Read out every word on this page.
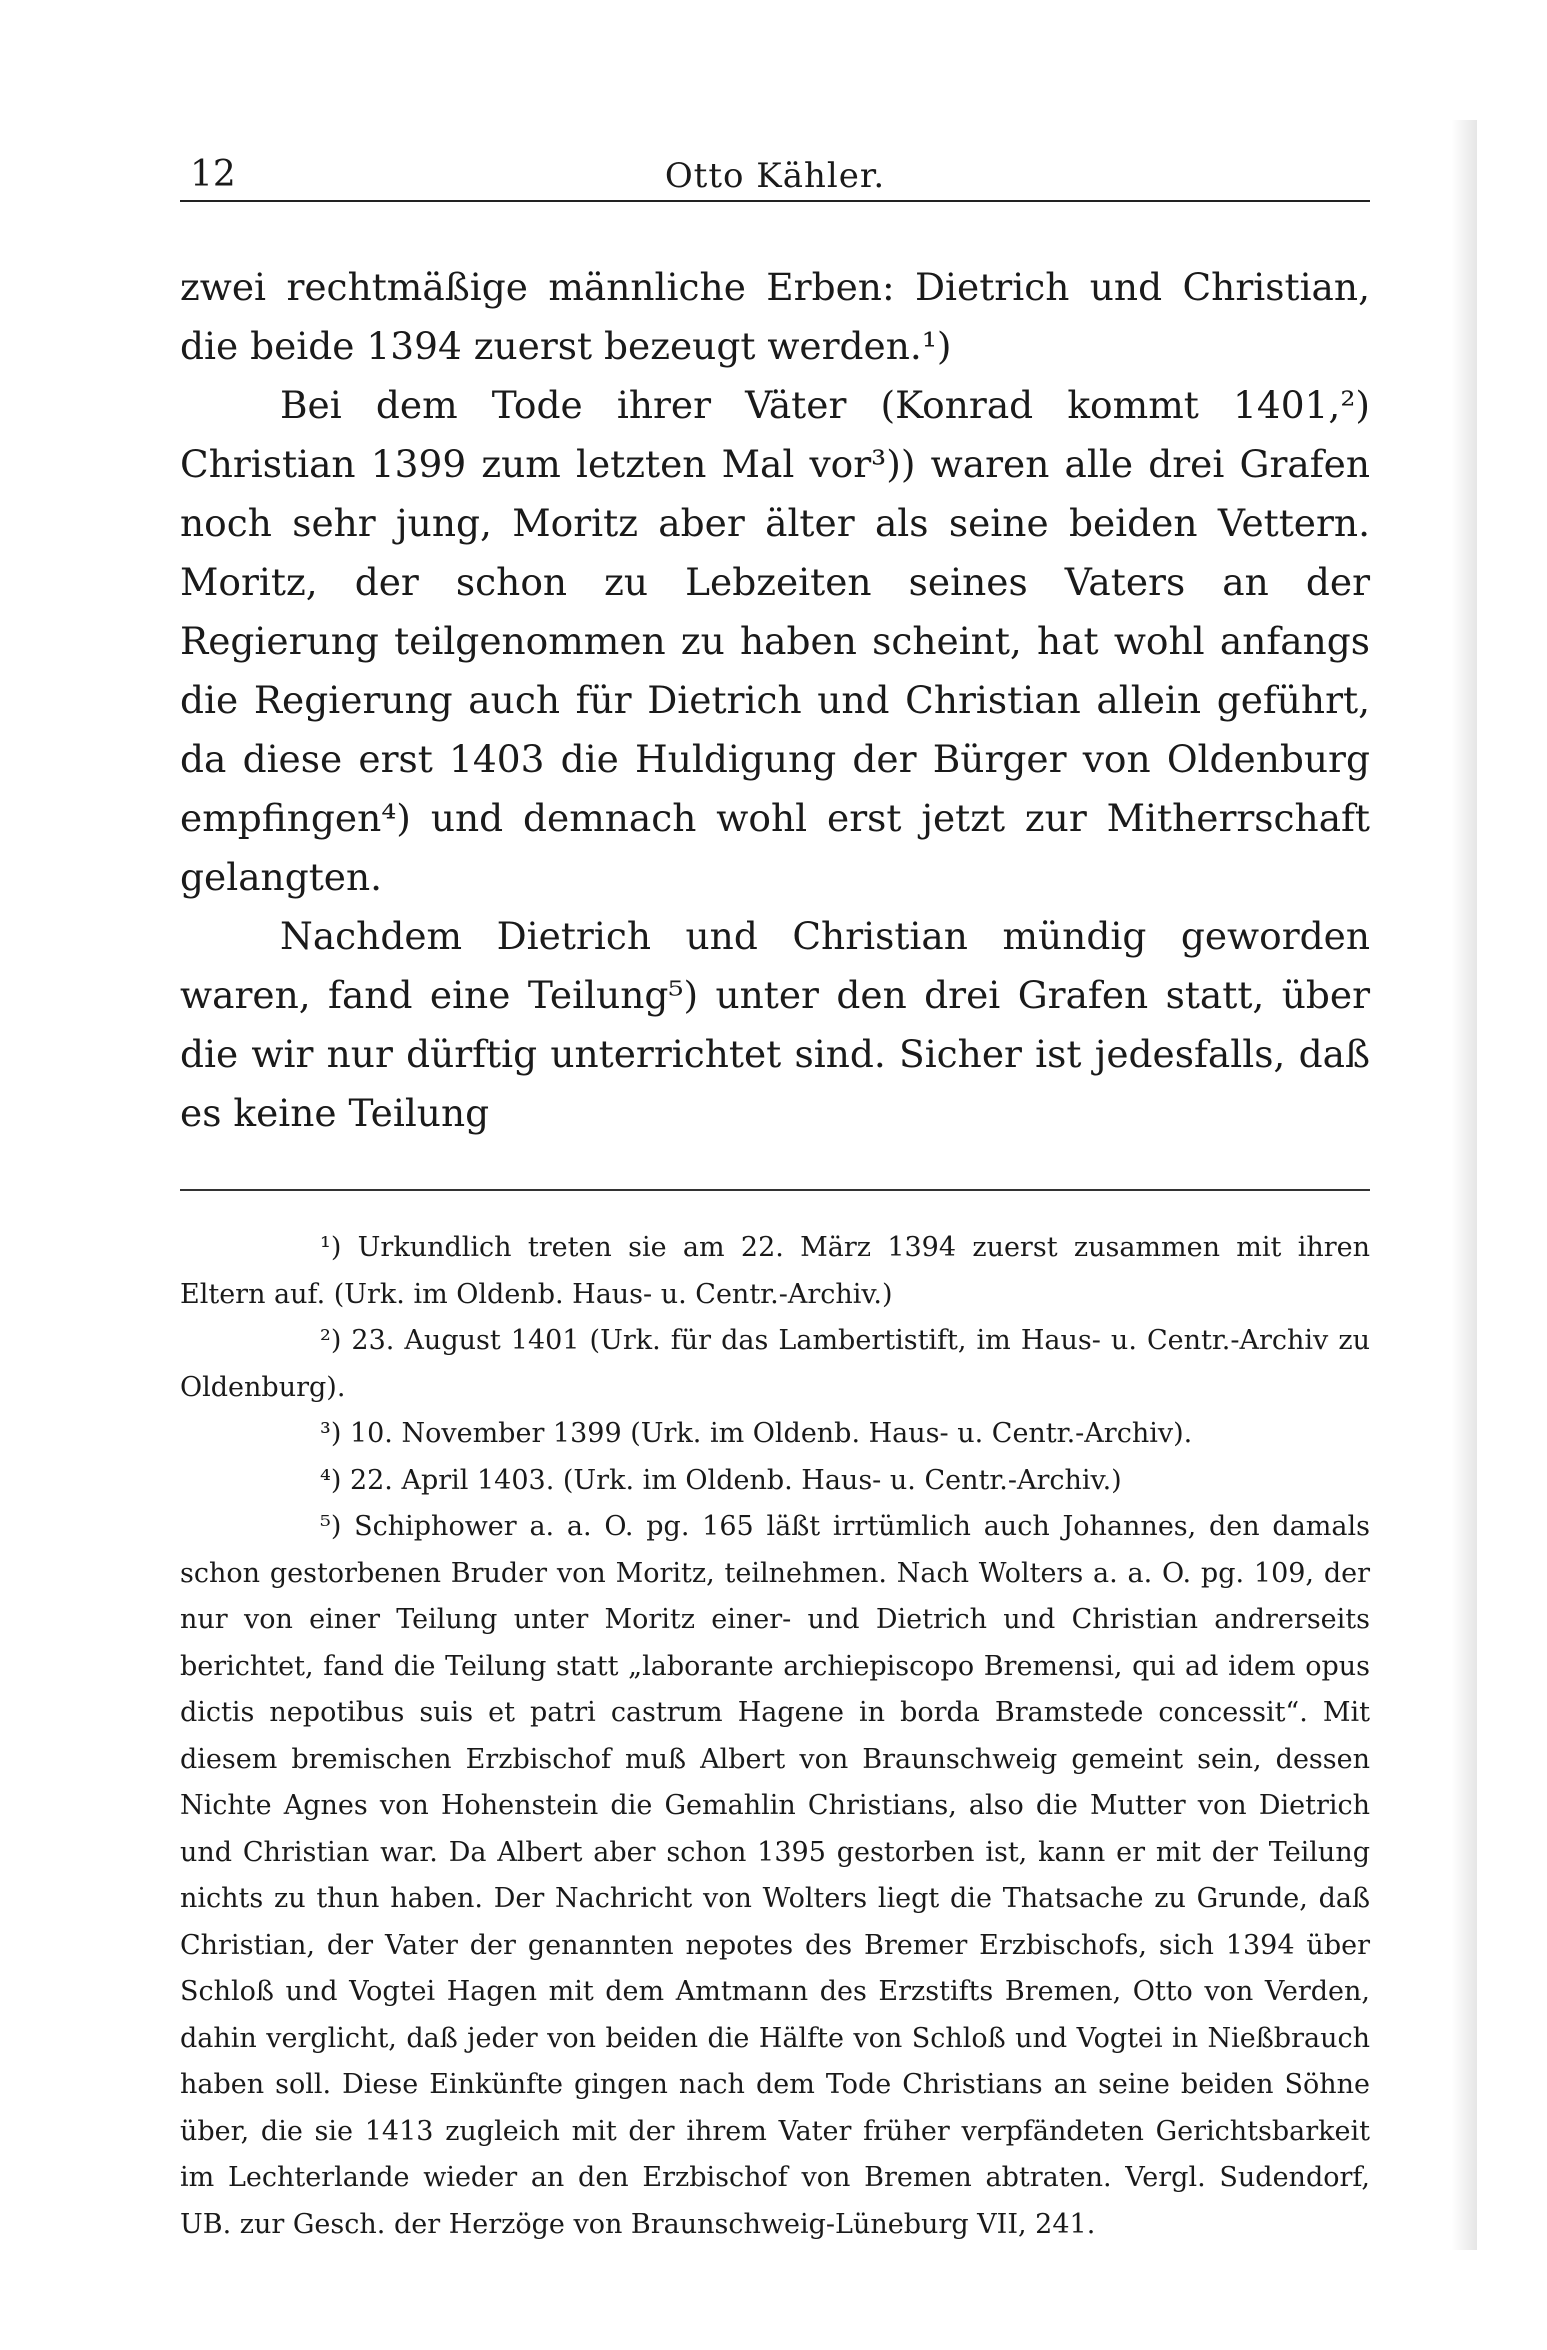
12	Otto Kähler.

zwei rechtmäßige männliche Erben: Dietrich und Christian, die beide 1394 zuerst bezeugt werden.¹)

Bei dem Tode ihrer Väter (Konrad kommt 1401,²) Christian 1399 zum letzten Mal vor³)) waren alle drei Grafen noch sehr jung, Moritz aber älter als seine beiden Vettern. Moritz, der schon zu Lebzeiten seines Vaters an der Regierung teilgenommen zu haben scheint, hat wohl anfangs die Regierung auch für Dietrich und Christian allein geführt, da diese erst 1403 die Huldigung der Bürger von Oldenburg empfingen⁴) und demnach wohl erst jetzt zur Mitherrschaft gelangten.

Nachdem Dietrich und Christian mündig geworden waren, fand eine Teilung⁵) unter den drei Grafen statt, über die wir nur dürftig unterrichtet sind. Sicher ist jedesfalls, daß es keine Teilung

¹) Urkundlich treten sie am 22. März 1394 zuerst zusammen mit ihren Eltern auf. (Urk. im Oldenb. Haus- u. Centr.-Archiv.)

²) 23. August 1401 (Urk. für das Lambertistift, im Haus- u. Centr.-Archiv zu Oldenburg).

³) 10. November 1399 (Urk. im Oldenb. Haus- u. Centr.-Archiv).

⁴) 22. April 1403. (Urk. im Oldenb. Haus- u. Centr.-Archiv.)

⁵) Schiphower a. a. O. pg. 165 läßt irrtümlich auch Johannes, den damals schon gestorbenen Bruder von Moritz, teilnehmen. Nach Wolters a. a. O. pg. 109, der nur von einer Teilung unter Moritz einer- und Dietrich und Christian andrerseits berichtet, fand die Teilung statt „laborante archiepiscopo Bremensi, qui ad idem opus dictis nepotibus suis et patri castrum Hagene in borda Bramstede concessit“. Mit diesem bremischen Erzbischof muß Albert von Braunschweig gemeint sein, dessen Nichte Agnes von Hohenstein die Gemahlin Christians, also die Mutter von Dietrich und Christian war. Da Albert aber schon 1395 gestorben ist, kann er mit der Teilung nichts zu thun haben. Der Nachricht von Wolters liegt die Thatsache zu Grunde, daß Christian, der Vater der genannten nepotes des Bremer Erzbischofs, sich 1394 über Schloß und Vogtei Hagen mit dem Amtmann des Erzstifts Bremen, Otto von Verden, dahin verglicht, daß jeder von beiden die Hälfte von Schloß und Vogtei in Nießbrauch haben soll. Diese Einkünfte gingen nach dem Tode Christians an seine beiden Söhne über, die sie 1413 zugleich mit der ihrem Vater früher verpfändeten Gerichtsbarkeit im Lechterlande wieder an den Erzbischof von Bremen abtraten. Vergl. Sudendorf, UB. zur Gesch. der Herzöge von Braunschweig-Lüneburg VII, 241.
